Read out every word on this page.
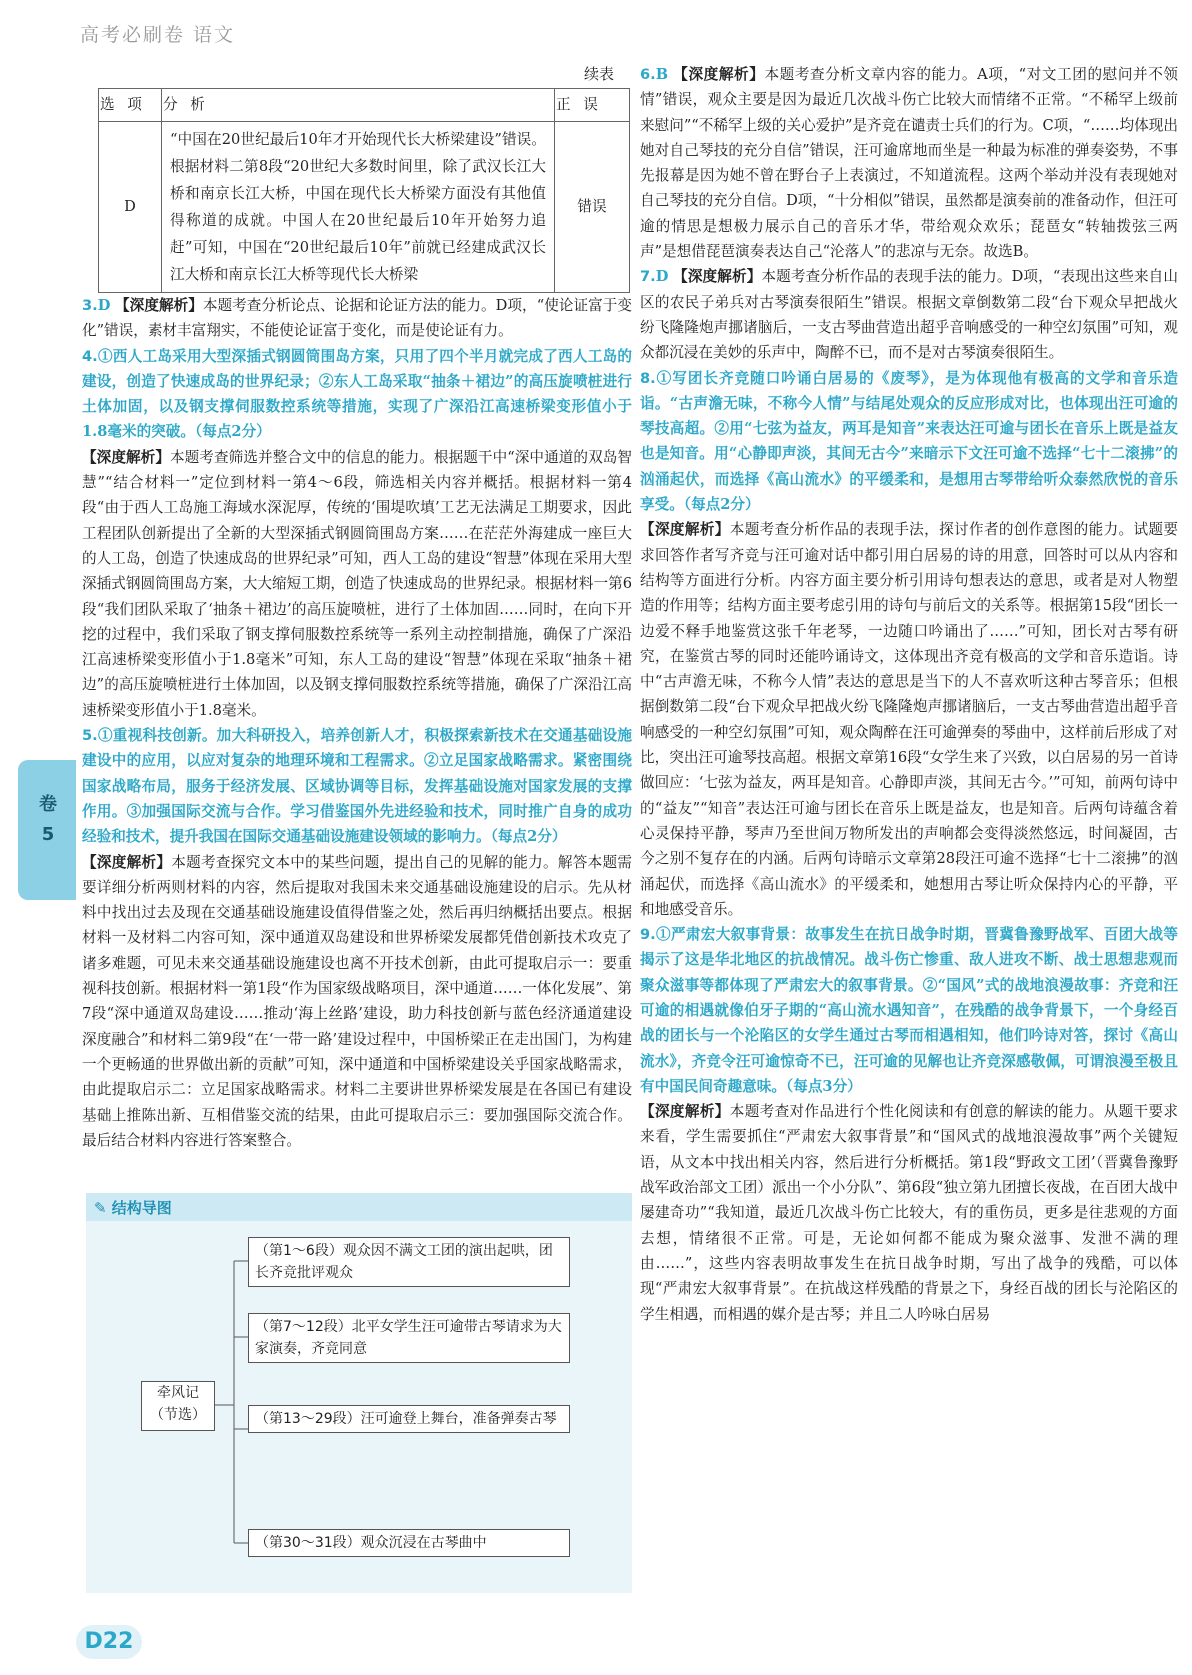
高考必刷卷 语文
卷
5
续表
选 项	分 析	正 误
D	“中国在20世纪最后10年才开始现代长大桥梁建设”错误。根据材料二第8段“20世纪大多数时间里，除了武汉长江大桥和南京长江大桥，中国在现代长大桥梁方面没有其他值得称道的成就。中国人在20世纪最后10年开始努力追赶”可知，中国在“20世纪最后10年”前就已经建成武汉长江大桥和南京长江大桥等现代长大桥梁	错误

3.D 【深度解析】本题考查分析论点、论据和论证方法的能力。D项，“使论证富于变化”错误，素材丰富翔实，不能使论证富于变化，而是使论证有力。

4.①西人工岛采用大型深插式钢圆筒围岛方案，只用了四个半月就完成了西人工岛的建设，创造了快速成岛的世界纪录；②东人工岛采取“抽条＋裙边”的高压旋喷桩进行土体加固，以及钢支撑伺服数控系统等措施，实现了广深沿江高速桥梁变形值小于1.8毫米的突破。（每点2分）

【深度解析】本题考查筛选并整合文中的信息的能力。根据题干中“深中通道的双岛智慧”“结合材料一”定位到材料一第4～6段，筛选相关内容并概括。根据材料一第4段“由于西人工岛施工海域水深泥厚，传统的‘围堤吹填’工艺无法满足工期要求，因此工程团队创新提出了全新的大型深插式钢圆筒围岛方案……在茫茫外海建成一座巨大的人工岛，创造了快速成岛的世界纪录”可知，西人工岛的建设“智慧”体现在采用大型深插式钢圆筒围岛方案，大大缩短工期，创造了快速成岛的世界纪录。根据材料一第6段“我们团队采取了‘抽条＋裙边’的高压旋喷桩，进行了土体加固……同时，在向下开挖的过程中，我们采取了钢支撑伺服数控系统等一系列主动控制措施，确保了广深沿江高速桥梁变形值小于1.8毫米”可知，东人工岛的建设“智慧”体现在采取“抽条＋裙边”的高压旋喷桩进行土体加固，以及钢支撑伺服数控系统等措施，确保了广深沿江高速桥梁变形值小于1.8毫米。

5.①重视科技创新。加大科研投入，培养创新人才，积极探索新技术在交通基础设施建设中的应用，以应对复杂的地理环境和工程需求。②立足国家战略需求。紧密围绕国家战略布局，服务于经济发展、区域协调等目标，发挥基础设施对国家发展的支撑作用。③加强国际交流与合作。学习借鉴国外先进经验和技术，同时推广自身的成功经验和技术，提升我国在国际交通基础设施建设领域的影响力。（每点2分）

【深度解析】本题考查探究文本中的某些问题，提出自己的见解的能力。解答本题需要详细分析两则材料的内容，然后提取对我国未来交通基础设施建设的启示。先从材料中找出过去及现在交通基础设施建设值得借鉴之处，然后再归纳概括出要点。根据材料一及材料二内容可知，深中通道双岛建设和世界桥梁发展都凭借创新技术攻克了诸多难题，可见未来交通基础设施建设也离不开技术创新，由此可提取启示一：要重视科技创新。根据材料一第1段“作为国家级战略项目，深中通道……一体化发展”、第7段“深中通道双岛建设……推动‘海上丝路’建设，助力科技创新与蓝色经济通道建设深度融合”和材料二第9段“在‘一带一路’建设过程中，中国桥梁正在走出国门，为构建一个更畅通的世界做出新的贡献”可知，深中通道和中国桥梁建设关乎国家战略需求，由此提取启示二：立足国家战略需求。材料二主要讲世界桥梁发展是在各国已有建设基础上推陈出新、互相借鉴交流的结果，由此可提取启示三：要加强国际交流合作。最后结合材料内容进行答案整合。

✎ 结构导图
牵风记
（节选）
（第1～6段）观众因不满文工团的演出起哄，团长齐竞批评观众
（第7～12段）北平女学生汪可逾带古琴请求为大家演奏，齐竞同意
（第13～29段）汪可逾登上舞台，准备弹奏古琴
（第30～31段）观众沉浸在古琴曲中

6.B 【深度解析】本题考查分析文章内容的能力。A项，“对文工团的慰问并不领情”错误，观众主要是因为最近几次战斗伤亡比较大而情绪不正常。“不稀罕上级前来慰问”“不稀罕上级的关心爱护”是齐竞在谴责士兵们的行为。C项，“……均体现出她对自己琴技的充分自信”错误，汪可逾席地而坐是一种最为标准的弹奏姿势，不事先报幕是因为她不曾在野台子上表演过，不知道流程。这两个举动并没有表现她对自己琴技的充分自信。D项，“十分相似”错误，虽然都是演奏前的准备动作，但汪可逾的情思是想极力展示自己的音乐才华，带给观众欢乐；琵琶女“转轴拨弦三两声”是想借琵琶演奏表达自己“沦落人”的悲凉与无奈。故选B。

7.D 【深度解析】本题考查分析作品的表现手法的能力。D项，“表现出这些来自山区的农民子弟兵对古琴演奏很陌生”错误。根据文章倒数第二段“台下观众早把战火纷飞隆隆炮声挪诸脑后，一支古琴曲营造出超乎音响感受的一种空幻氛围”可知，观众都沉浸在美妙的乐声中，陶醉不已，而不是对古琴演奏很陌生。

8.①写团长齐竞随口吟诵白居易的《废琴》，是为体现他有极高的文学和音乐造诣。“古声澹无味，不称今人情”与结尾处观众的反应形成对比，也体现出汪可逾的琴技高超。②用“七弦为益友，两耳是知音”来表达汪可逾与团长在音乐上既是益友也是知音。用“心静即声淡，其间无古今”来暗示下文汪可逾不选择“七十二滚拂”的汹涌起伏，而选择《高山流水》的平缓柔和，是想用古琴带给听众泰然欣悦的音乐享受。（每点2分）

【深度解析】本题考查分析作品的表现手法，探讨作者的创作意图的能力。试题要求回答作者写齐竞与汪可逾对话中都引用白居易的诗的用意，回答时可以从内容和结构等方面进行分析。内容方面主要分析引用诗句想表达的意思，或者是对人物塑造的作用等；结构方面主要考虑引用的诗句与前后文的关系等。根据第15段“团长一边爱不释手地鉴赏这张千年老琴，一边随口吟诵出了……”可知，团长对古琴有研究，在鉴赏古琴的同时还能吟诵诗文，这体现出齐竞有极高的文学和音乐造诣。诗中“古声澹无味，不称今人情”表达的意思是当下的人不喜欢听这种古琴音乐；但根据倒数第二段“台下观众早把战火纷飞隆隆炮声挪诸脑后，一支古琴曲营造出超乎音响感受的一种空幻氛围”可知，观众陶醉在汪可逾弹奏的琴曲中，这样前后形成了对比，突出汪可逾琴技高超。根据文章第16段“女学生来了兴致，以白居易的另一首诗做回应：‘七弦为益友，两耳是知音。心静即声淡，其间无古今。’”可知，前两句诗中的“益友”“知音”表达汪可逾与团长在音乐上既是益友，也是知音。后两句诗蕴含着心灵保持平静，琴声乃至世间万物所发出的声响都会变得淡然悠远，时间凝固，古今之别不复存在的内涵。后两句诗暗示文章第28段汪可逾不选择“七十二滚拂”的汹涌起伏，而选择《高山流水》的平缓柔和，她想用古琴让听众保持内心的平静，平和地感受音乐。

9.①严肃宏大叙事背景：故事发生在抗日战争时期，晋冀鲁豫野战军、百团大战等揭示了这是华北地区的抗战情况。战斗伤亡惨重、敌人进攻不断、战士思想悲观而聚众滋事等都体现了严肃宏大的叙事背景。②“国风”式的战地浪漫故事：齐竞和汪可逾的相遇就像伯牙子期的“高山流水遇知音”，在残酷的战争背景下，一个身经百战的团长与一个沦陷区的女学生通过古琴而相遇相知，他们吟诗对答，探讨《高山流水》，齐竞令汪可逾惊奇不已，汪可逾的见解也让齐竞深感敬佩，可谓浪漫至极且有中国民间奇趣意味。（每点3分）

【深度解析】本题考查对作品进行个性化阅读和有创意的解读的能力。从题干要求来看，学生需要抓住“严肃宏大叙事背景”和“国风式的战地浪漫故事”两个关键短语，从文本中找出相关内容，然后进行分析概括。第1段“野政文工团’（晋冀鲁豫野战军政治部文工团）派出一个小分队”、第6段“独立第九团擅长夜战，在百团大战中屡建奇功”“我知道，最近几次战斗伤亡比较大，有的重伤员，更多是往悲观的方面去想，情绪很不正常。可是，无论如何都不能成为聚众滋事、发泄不满的理由……”，这些内容表明故事发生在抗日战争时期，写出了战争的残酷，可以体现“严肃宏大叙事背景”。在抗战这样残酷的背景之下，身经百战的团长与沦陷区的学生相遇，而相遇的媒介是古琴；并且二人吟咏白居易

D22
